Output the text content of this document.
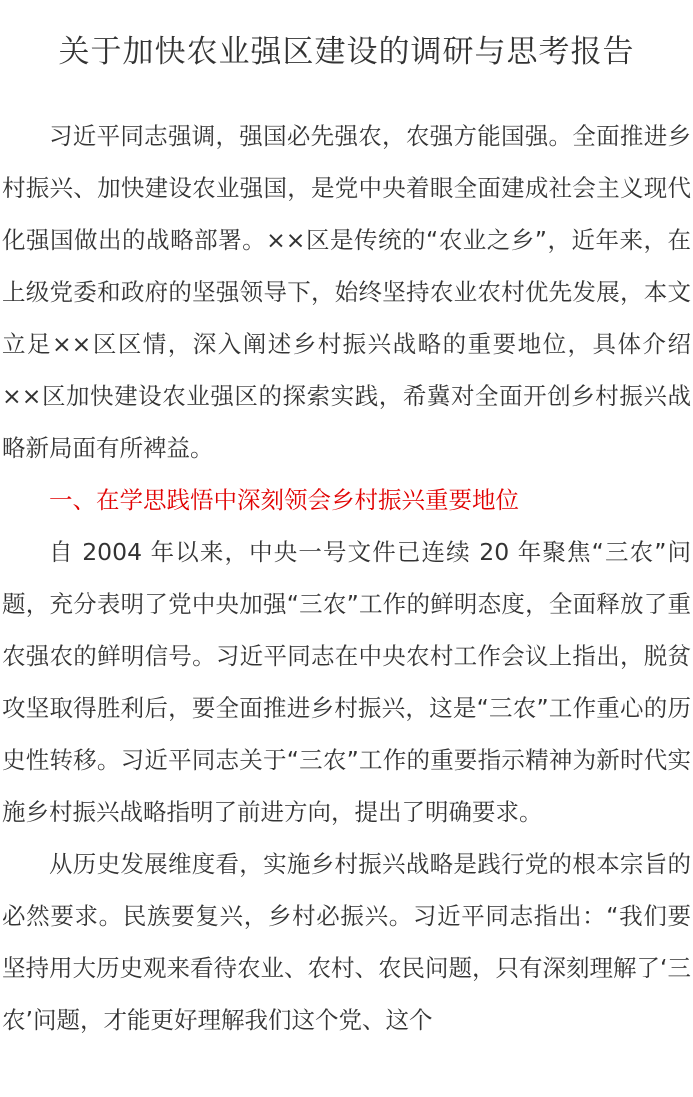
关于加快农业强区建设的调研与思考报告

习近平同志强调，强国必先强农，农强方能国强。全面推进乡村振兴、加快建设农业强国，是党中央着眼全面建成社会主义现代化强国做出的战略部署。××区是传统的“农业之乡”，近年来，在上级党委和政府的坚强领导下，始终坚持农业农村优先发展，本文立足××区区情，深入阐述乡村振兴战略的重要地位，具体介绍××区加快建设农业强区的探索实践，希冀对全面开创乡村振兴战略新局面有所裨益。

一、在学思践悟中深刻领会乡村振兴重要地位

自 2004 年以来，中央一号文件已连续 20 年聚焦“三农”问题，充分表明了党中央加强“三农”工作的鲜明态度，全面释放了重农强农的鲜明信号。习近平同志在中央农村工作会议上指出，脱贫攻坚取得胜利后，要全面推进乡村振兴，这是“三农”工作重心的历史性转移。习近平同志关于“三农”工作的重要指示精神为新时代实施乡村振兴战略指明了前进方向，提出了明确要求。

从历史发展维度看，实施乡村振兴战略是践行党的根本宗旨的必然要求。民族要复兴，乡村必振兴。习近平同志指出：“我们要坚持用大历史观来看待农业、农村、农民问题，只有深刻理解了‘三农’问题，才能更好理解我们这个党、这个
